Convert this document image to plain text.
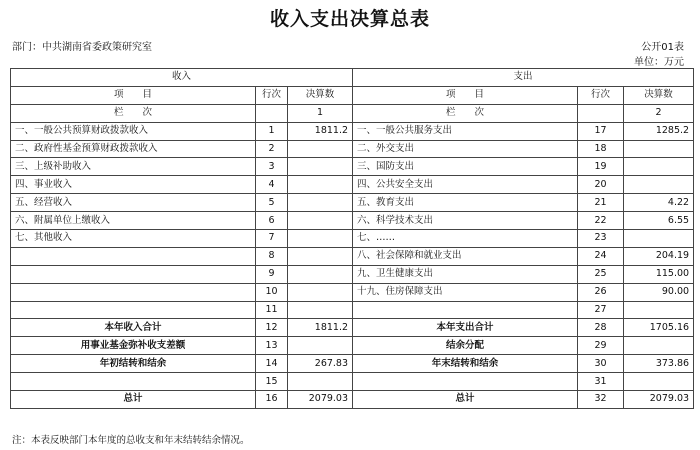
收入支出决算总表
部门：中共湖南省委政策研究室	公开01表
单位：万元
收入			支出		
项　　目	行次	决算数	项　　目	行次	决算数
栏　　次		1	栏　　次		2
一、一般公共预算财政拨款收入	1	1811.2	一、一般公共服务支出	17	1285.2
二、政府性基金预算财政拨款收入	2		二、外交支出	18	
三、上级补助收入	3		三、国防支出	19	
四、事业收入	4		四、公共安全支出	20	
五、经营收入	5		五、教育支出	21	4.22
六、附属单位上缴收入	6		六、科学技术支出	22	6.55
七、其他收入	7		七、……	23	
	8		八、社会保障和就业支出	24	204.19
	9		九、卫生健康支出	25	115.00
	10		十九、住房保障支出	26	90.00
	11			27	
本年收入合计	12	1811.2	本年支出合计	28	1705.16
用事业基金弥补收支差额	13		结余分配	29	
年初结转和结余	14	267.83	年末结转和结余	30	373.86
	15			31	
总计	16	2079.03	总计	32	2079.03
注：本表反映部门本年度的总收支和年末结转结余情况。
